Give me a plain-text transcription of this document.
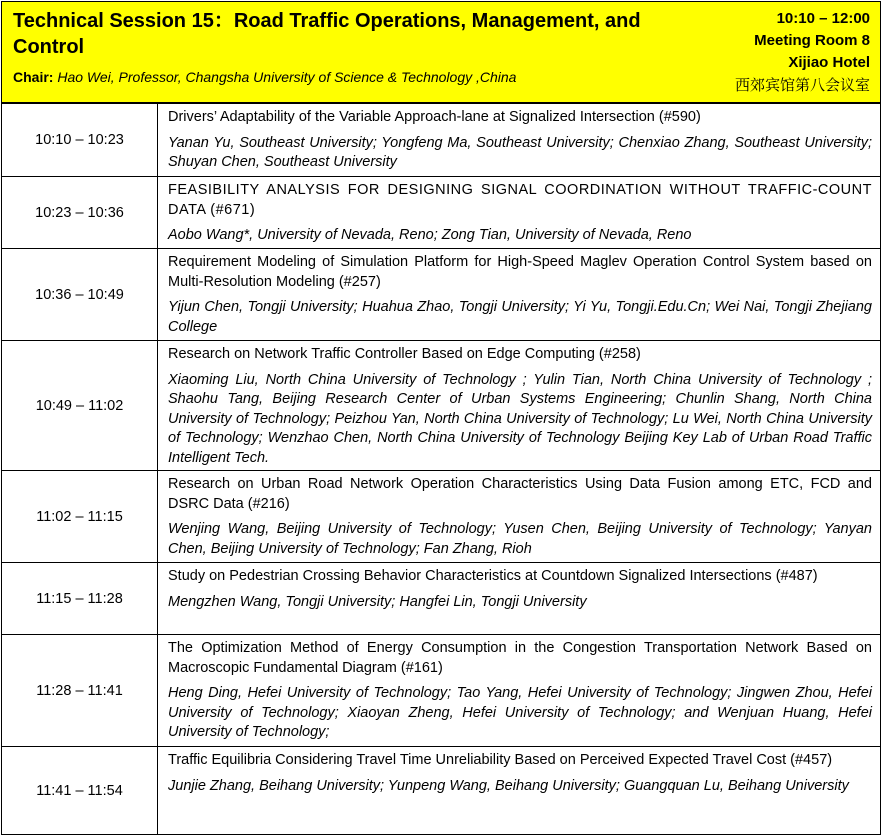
Technical Session 15：Road Traffic Operations, Management, and Control
Chair: Hao Wei, Professor, Changsha University of Science & Technology ,China
10:10 – 12:00
Meeting Room 8
Xijiao Hotel
西郊宾馆第八会议室
10:10 – 10:23
Drivers’ Adaptability of the Variable Approach-lane at Signalized Intersection (#590)
Yanan Yu, Southeast University; Yongfeng Ma, Southeast University; Chenxiao Zhang, Southeast University; Shuyan Chen, Southeast University
10:23 – 10:36
FEASIBILITY ANALYSIS FOR DESIGNING SIGNAL COORDINATION WITHOUT TRAFFIC-COUNT DATA (#671)
Aobo Wang*, University of Nevada, Reno; Zong Tian, University of Nevada, Reno
10:36 – 10:49
Requirement Modeling of Simulation Platform for High-Speed Maglev Operation Control System based on Multi-Resolution Modeling (#257)
Yijun Chen, Tongji University; Huahua Zhao, Tongji University; Yi Yu, Tongji.Edu.Cn; Wei Nai, Tongji Zhejiang College
10:49 – 11:02
Research on Network Traffic Controller Based on Edge Computing (#258)
Xiaoming Liu, North China University of Technology ; Yulin Tian, North China University of Technology ; Shaohu Tang, Beijing Research Center of Urban Systems Engineering; Chunlin Shang, North China University of Technology; Peizhou Yan, North China University of Technology; Lu Wei, North China University of Technology; Wenzhao Chen, North China University of Technology Beijing Key Lab of Urban Road Traffic Intelligent Tech.
11:02 – 11:15
Research on Urban Road Network Operation Characteristics Using Data Fusion among ETC, FCD and DSRC Data (#216)
Wenjing Wang, Beijing University of Technology; Yusen Chen, Beijing University of Technology; Yanyan Chen, Beijing University of Technology; Fan Zhang, Rioh
11:15 – 11:28
Study on Pedestrian Crossing Behavior Characteristics at Countdown Signalized Intersections (#487)
Mengzhen Wang, Tongji University; Hangfei Lin, Tongji University
11:28 – 11:41
The Optimization Method of Energy Consumption in the Congestion Transportation Network Based on Macroscopic Fundamental Diagram (#161)
Heng Ding, Hefei University of Technology; Tao Yang, Hefei University of Technology; Jingwen Zhou, Hefei University of Technology; Xiaoyan Zheng, Hefei University of Technology; and Wenjuan Huang, Hefei University of Technology;
11:41 – 11:54
Traffic Equilibria Considering Travel Time Unreliability Based on Perceived Expected Travel Cost (#457)
Junjie Zhang, Beihang University; Yunpeng Wang, Beihang University; Guangquan Lu, Beihang University
